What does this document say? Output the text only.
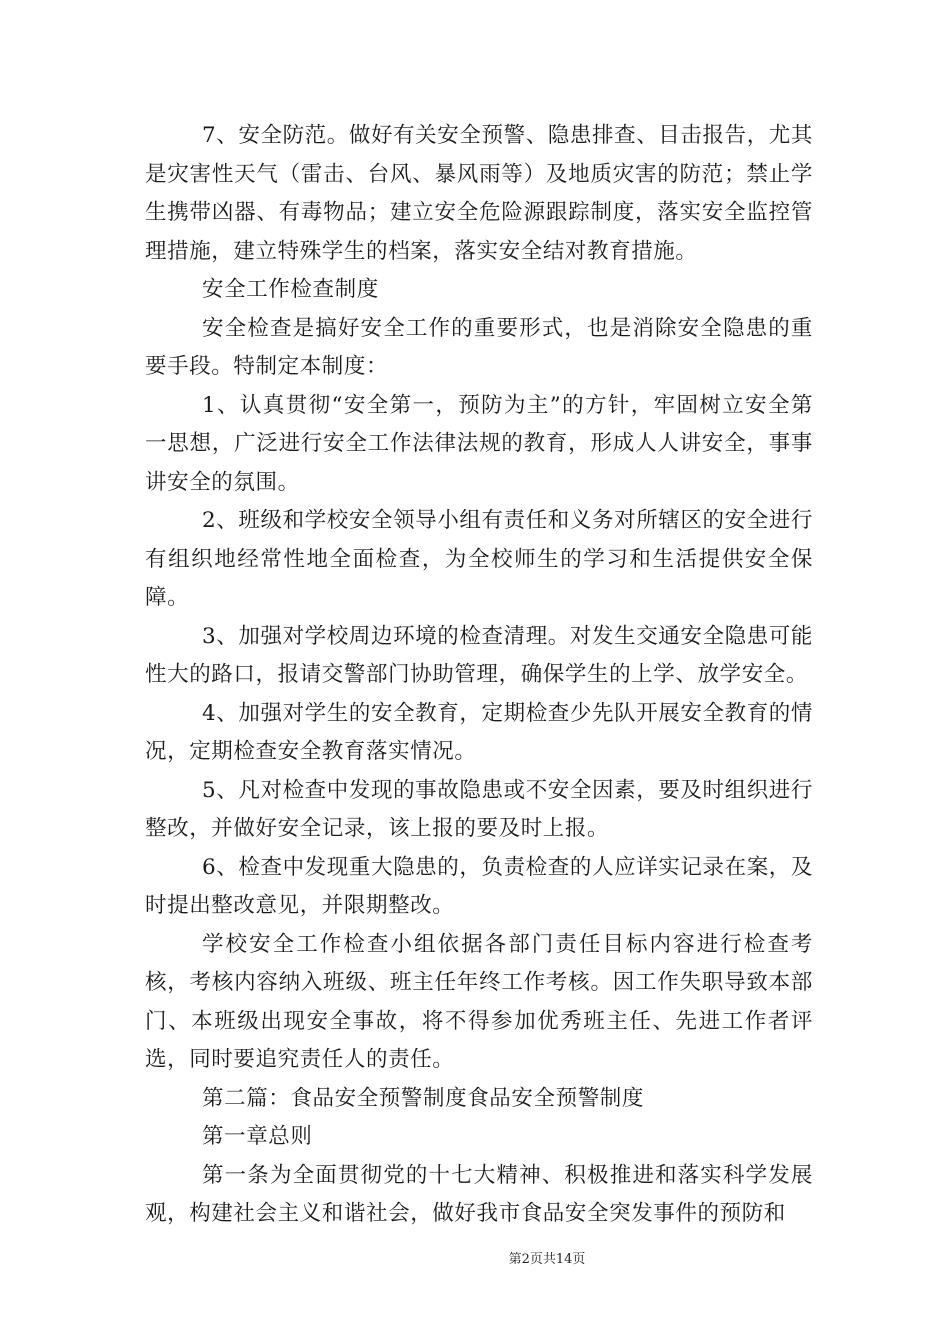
7、安全防范。做好有关安全预警、隐患排查、目击报告，尤其是灾害性天气（雷击、台风、暴风雨等）及地质灾害的防范；禁止学生携带凶器、有毒物品；建立安全危险源跟踪制度，落实安全监控管理措施，建立特殊学生的档案，落实安全结对教育措施。

安全工作检查制度

安全检查是搞好安全工作的重要形式，也是消除安全隐患的重要手段。特制定本制度：

1、认真贯彻“安全第一，预防为主”的方针，牢固树立安全第一思想，广泛进行安全工作法律法规的教育，形成人人讲安全，事事讲安全的氛围。

2、班级和学校安全领导小组有责任和义务对所辖区的安全进行有组织地经常性地全面检查，为全校师生的学习和生活提供安全保障。

3、加强对学校周边环境的检查清理。对发生交通安全隐患可能性大的路口，报请交警部门协助管理，确保学生的上学、放学安全。

4、加强对学生的安全教育，定期检查少先队开展安全教育的情况，定期检查安全教育落实情况。

5、凡对检查中发现的事故隐患或不安全因素，要及时组织进行整改，并做好安全记录，该上报的要及时上报。

6、检查中发现重大隐患的，负责检查的人应详实记录在案，及时提出整改意见，并限期整改。

学校安全工作检查小组依据各部门责任目标内容进行检查考核，考核内容纳入班级、班主任年终工作考核。因工作失职导致本部门、本班级出现安全事故，将不得参加优秀班主任、先进工作者评选，同时要追究责任人的责任。

第二篇：食品安全预警制度食品安全预警制度

第一章总则

第一条为全面贯彻党的十七大精神、积极推进和落实科学发展观，构建社会主义和谐社会，做好我市食品安全突发事件的预防和

第2页共14页
